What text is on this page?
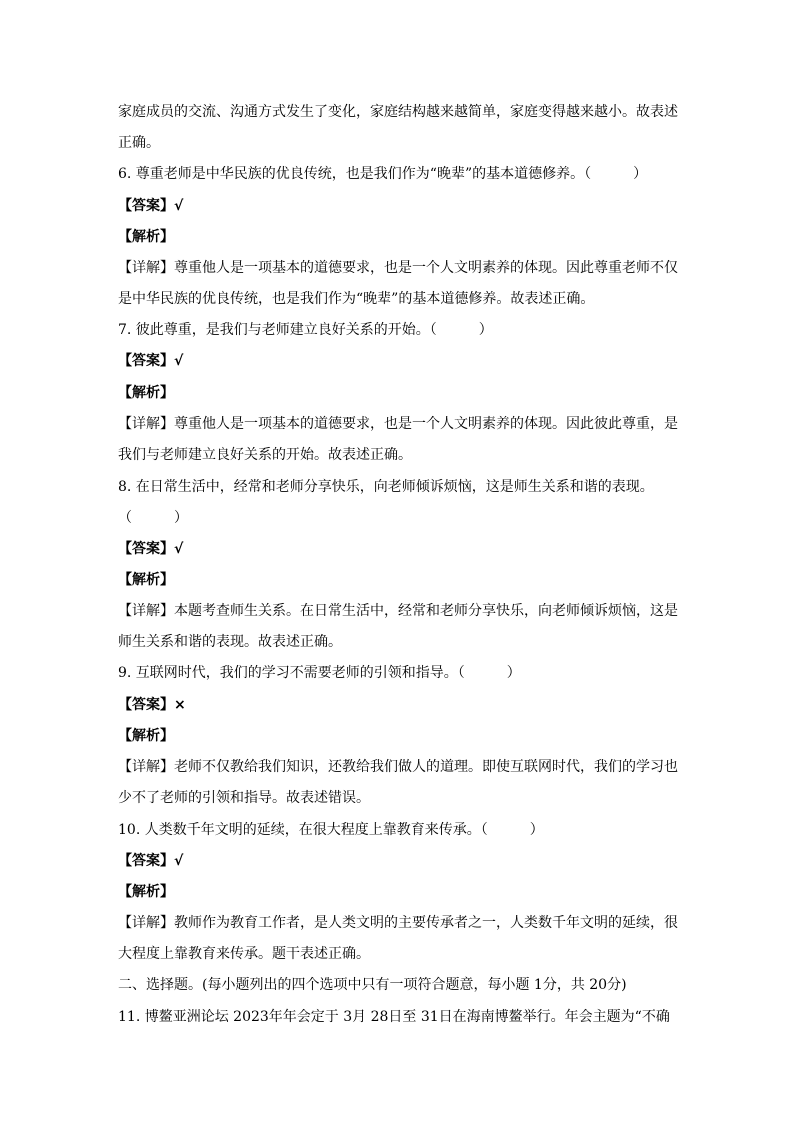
家庭成员的交流、沟通方式发生了变化，家庭结构越来越简单，家庭变得越来越小。故表述
正确。
6. 尊重老师是中华民族的优良传统，也是我们作为“晚辈”的基本道德修养。（　　　）
【答案】√
【解析】
【详解】尊重他人是一项基本的道德要求，也是一个人文明素养的体现。因此尊重老师不仅
是中华民族的优良传统，也是我们作为“晚辈”的基本道德修养。故表述正确。
7. 彼此尊重，是我们与老师建立良好关系的开始。（　　　）
【答案】√
【解析】
【详解】尊重他人是一项基本的道德要求，也是一个人文明素养的体现。因此彼此尊重，是
我们与老师建立良好关系的开始。故表述正确。
8. 在日常生活中，经常和老师分享快乐，向老师倾诉烦恼，这是师生关系和谐的表现。
（　　　）
【答案】√
【解析】
【详解】本题考查师生关系。在日常生活中，经常和老师分享快乐，向老师倾诉烦恼，这是
师生关系和谐的表现。故表述正确。
9. 互联网时代，我们的学习不需要老师的引领和指导。（　　　）
【答案】×
【解析】
【详解】老师不仅教给我们知识，还教给我们做人的道理。即使互联网时代，我们的学习也
少不了老师的引领和指导。故表述错误。
10. 人类数千年文明的延续，在很大程度上靠教育来传承。（　　　）
【答案】√
【解析】
【详解】教师作为教育工作者，是人类文明的主要传承者之一，人类数千年文明的延续，很
大程度上靠教育来传承。题干表述正确。
二、选择题。(每小题列出的四个选项中只有一项符合题意，每小题 1分，共 20分)
11. 博鳌亚洲论坛 2023年年会定于 3月 28日至 31日在海南博鳌举行。年会主题为“不确
